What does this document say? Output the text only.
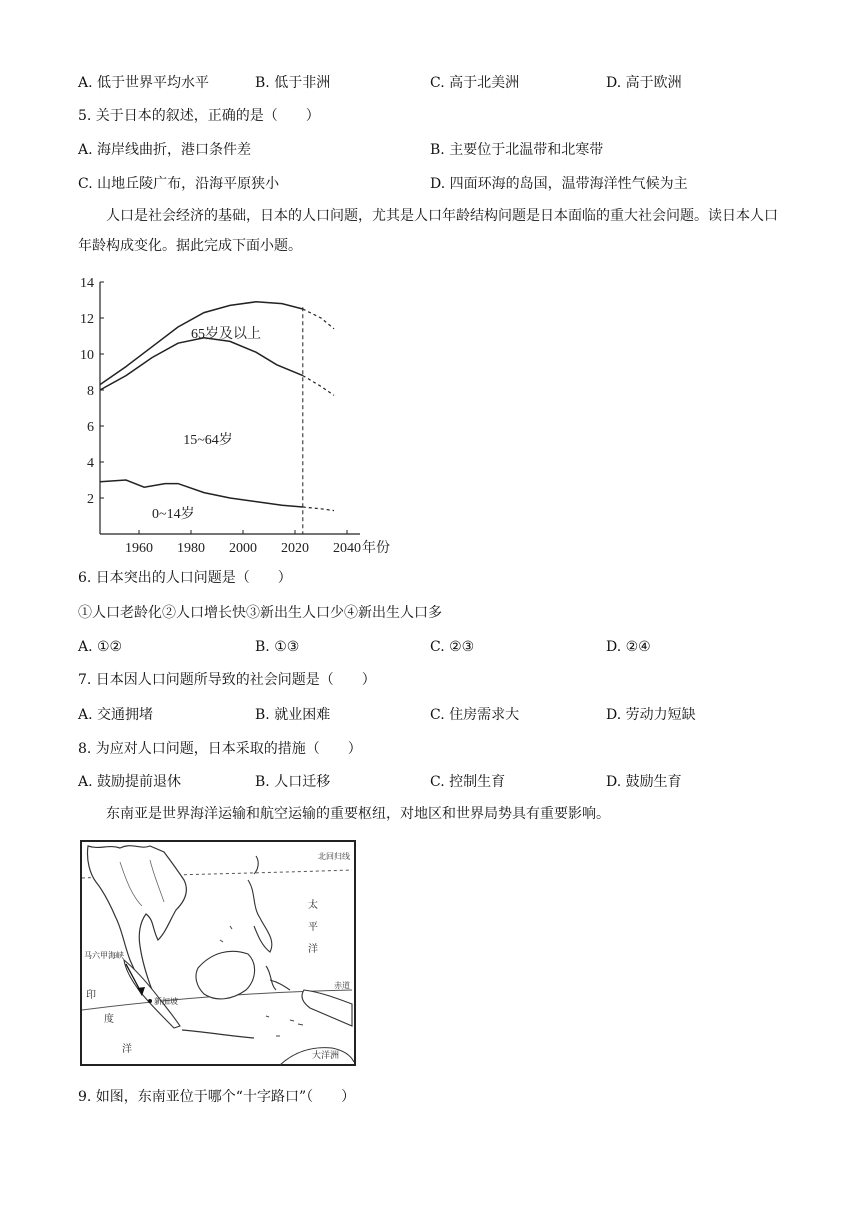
A. 低于世界平均水平	B. 低于非洲	C. 高于北美洲	D. 高于欧洲
5. 关于日本的叙述，正确的是（　　）
A. 海岸线曲折，港口条件差	B. 主要位于北温带和北寒带
C. 山地丘陵广布，沿海平原狭小	D. 四面环海的岛国，温带海洋性气候为主
人口是社会经济的基础，日本的人口问题，尤其是人口年龄结构问题是日本面临的重大社会问题。读日本人口年龄构成变化。据此完成下面小题。
2
4
6
8
10
12
14
1960 1980 2000 2020 2040 年份
65岁及以上
15~64岁
0~14岁
6. 日本突出的人口问题是（　　）
①人口老龄化②人口增长快③新出生人口少④新出生人口多
A. ①②	B. ①③	C. ②③	D. ②④
7. 日本因人口问题所导致的社会问题是（　　）
A. 交通拥堵	B. 就业困难	C. 住房需求大	D. 劳动力短缺
8. 为应对人口问题，日本采取的措施（　　）
A. 鼓励提前退休	B. 人口迁移	C. 控制生育	D. 鼓励生育
东南亚是世界海洋运输和航空运输的重要枢纽，对地区和世界局势具有重要影响。
北回归线
赤道
太
平
洋
印
度
洋
大洋洲
马六甲海峡
新加坡
9. 如图，东南亚位于哪个“十字路口”（　　）
